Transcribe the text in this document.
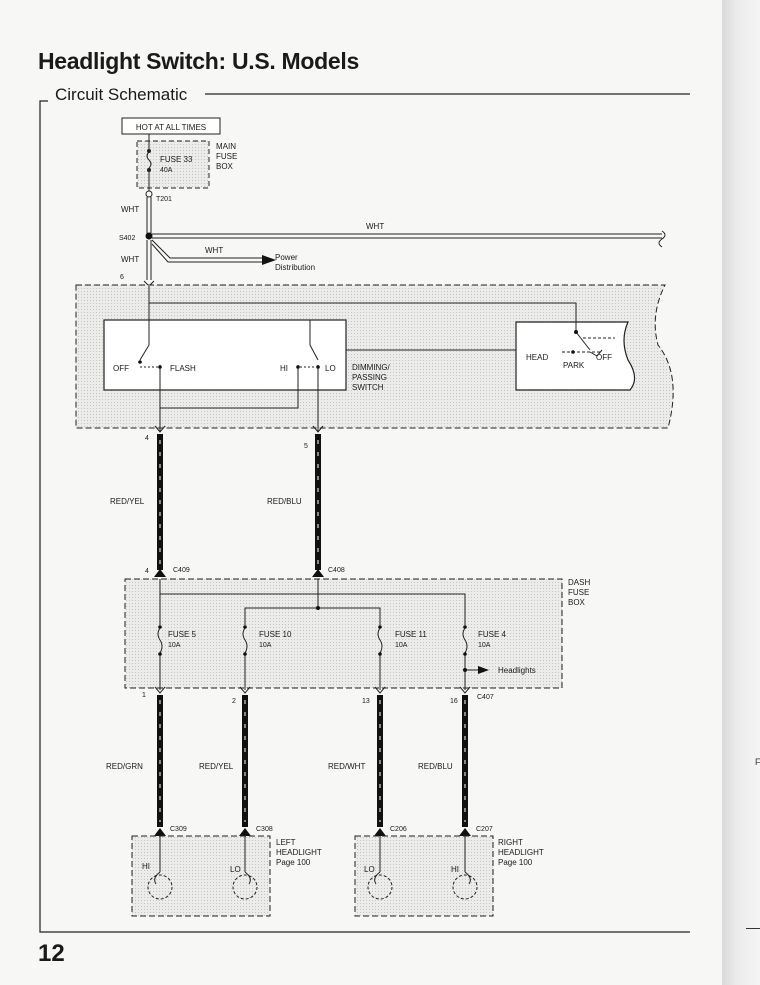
F
Headlight Switch: U.S. Models
Circuit Schematic
12
HOT AT ALL TIMES
FUSE 33
40A
MAIN
FUSE
BOX
T201
WHT
S402
WHT
WHT
Power
Distribution
WHT
6
OFF	FLASH	HI	LO DIMMING/
PASSING
SWITCH
HEAD
PARK
OFF
4
5
RED/YEL	RED/BLU
4	C409	C408
DASH
FUSE
BOX
FUSE 5
10A
FUSE 10
10A
FUSE 11
10A
FUSE 4
10A
Headlights
1
2	13	16
C407
RED/GRN	RED/YEL	RED/WHT	RED/BLU
C309	C308	C206	C207
HI	LO
LEFT
HEADLIGHT
Page 100
LO	HI
RIGHT
HEADLIGHT
Page 100
